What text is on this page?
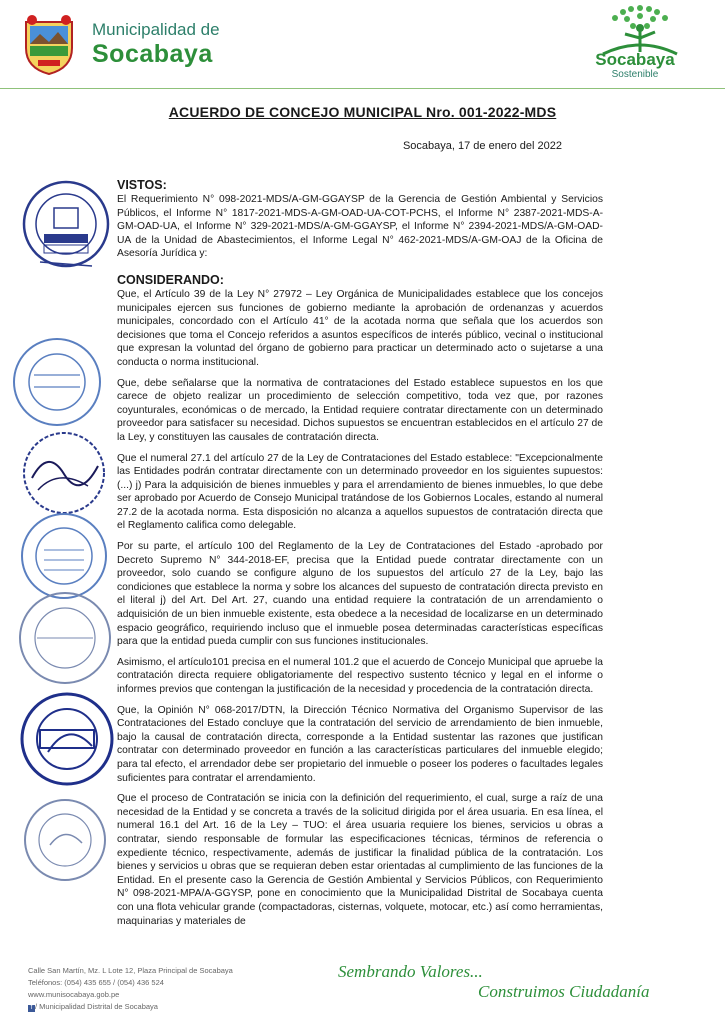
Municipalidad de
Socabaya	Socabaya
Sostenible
ACUERDO DE CONCEJO MUNICIPAL Nro. 001-2022-MDS
Socabaya, 17 de enero del 2022
VISTOS:

El Requerimiento N° 098-2021-MDS/A-GM-GGAYSP de la Gerencia de Gestión Ambiental y Servicios Públicos, el Informe N° 1817-2021-MDS-A-GM-OAD-UA-COT-PCHS, el Informe N° 2387-2021-MDS-A-GM-OAD-UA, el Informe N° 329-2021-MDS/A-GM-GGAYSP, el Informe N° 2394-2021-MDS/A-GM-OAD-UA de la Unidad de Abastecimientos, el Informe Legal N° 462-2021-MDS/A-GM-OAJ de la Oficina de Asesoría Jurídica y:

CONSIDERANDO:

Que, el Artículo 39 de la Ley N° 27972 – Ley Orgánica de Municipalidades establece que los concejos municipales ejercen sus funciones de gobierno mediante la aprobación de ordenanzas y acuerdos municipales, concordado con el Artículo 41° de la acotada norma que señala que los acuerdos son decisiones que toma el Concejo referidos a asuntos específicos de interés público, vecinal o institucional que expresan la voluntad del órgano de gobierno para practicar un determinado acto o sujetarse a una conducta o norma institucional.

Que, debe señalarse que la normativa de contrataciones del Estado establece supuestos en los que carece de objeto realizar un procedimiento de selección competitivo, toda vez que, por razones coyunturales, económicas o de mercado, la Entidad requiere contratar directamente con un determinado proveedor para satisfacer su necesidad. Dichos supuestos se encuentran establecidos en el artículo 27 de la Ley, y constituyen las causales de contratación directa.

Que el numeral 27.1 del artículo 27 de la Ley de Contrataciones del Estado establece: "Excepcionalmente las Entidades podrán contratar directamente con un determinado proveedor en los siguientes supuestos: (...) j) Para la adquisición de bienes inmuebles y para el arrendamiento de bienes inmuebles, lo que debe ser aprobado por Acuerdo de Consejo Municipal tratándose de los Gobiernos Locales, estando al numeral 27.2 de la acotada norma. Esta disposición no alcanza a aquellos supuestos de contratación directa que el Reglamento califica como delegable.

Por su parte, el artículo 100 del Reglamento de la Ley de Contrataciones del Estado -aprobado por Decreto Supremo N° 344-2018-EF, precisa que la Entidad puede contratar directamente con un proveedor, solo cuando se configure alguno de los supuestos del artículo 27 de la Ley, bajo las condiciones que establece la norma y sobre los alcances del supuesto de contratación directa previsto en el literal j) del Art. Del Art. 27, cuando una entidad requiere la contratación de un arrendamiento o adquisición de un bien inmueble existente, esta obedece a la necesidad de localizarse en un determinado espacio geográfico, requiriendo incluso que el inmueble posea determinadas características específicas para que la entidad pueda cumplir con sus funciones institucionales.

Asimismo, el artículo101 precisa en el numeral 101.2 que el acuerdo de Concejo Municipal que apruebe la contratación directa requiere obligatoriamente del respectivo sustento técnico y legal en el informe o informes previos que contengan la justificación de la necesidad y procedencia de la contratación directa.

Que, la Opinión N° 068-2017/DTN, la Dirección Técnico Normativa del Organismo Supervisor de las Contrataciones del Estado concluye que la contratación del servicio de arrendamiento de bien inmueble, bajo la causal de contratación directa, corresponde a la Entidad sustentar las razones que justifican contratar con determinado proveedor en función a las características particulares del inmueble elegido; para tal efecto, el arrendador debe ser propietario del inmueble o poseer los poderes o facultades legales suficientes para contratar el arrendamiento.

Que el proceso de Contratación se inicia con la definición del requerimiento, el cual, surge a raíz de una necesidad de la Entidad y se concreta a través de la solicitud dirigida por el área usuaria. En esa línea, el numeral 16.1 del Art. 16 de la Ley – TUO: el área usuaria requiere los bienes, servicios u obras a contratar, siendo responsable de formular las especificaciones técnicas, términos de referencia o expediente técnico, respectivamente, además de justificar la finalidad pública de la contratación. Los bienes y servicios u obras que se requieran deben estar orientadas al cumplimiento de las funciones de la Entidad. En el presente caso la Gerencia de Gestión Ambiental y Servicios Públicos, con Requerimiento N° 098-2021-MPA/A-GGYSP, pone en conocimiento que la Municipalidad Distrital de Socabaya cuenta con una flota vehicular grande (compactadoras, cisternas, volquete, motocar, etc.) así como herramientas, maquinarias y materiales de

Calle San Martín, Mz. L Lote 12, Plaza Principal de Socabaya
Teléfonos: (054) 435 655 / (054) 436 524
www.munisocabaya.gob.pe
f / Municipalidad Distrital de Socabaya
Sembrando Valores...
Construimos Ciudadanía
